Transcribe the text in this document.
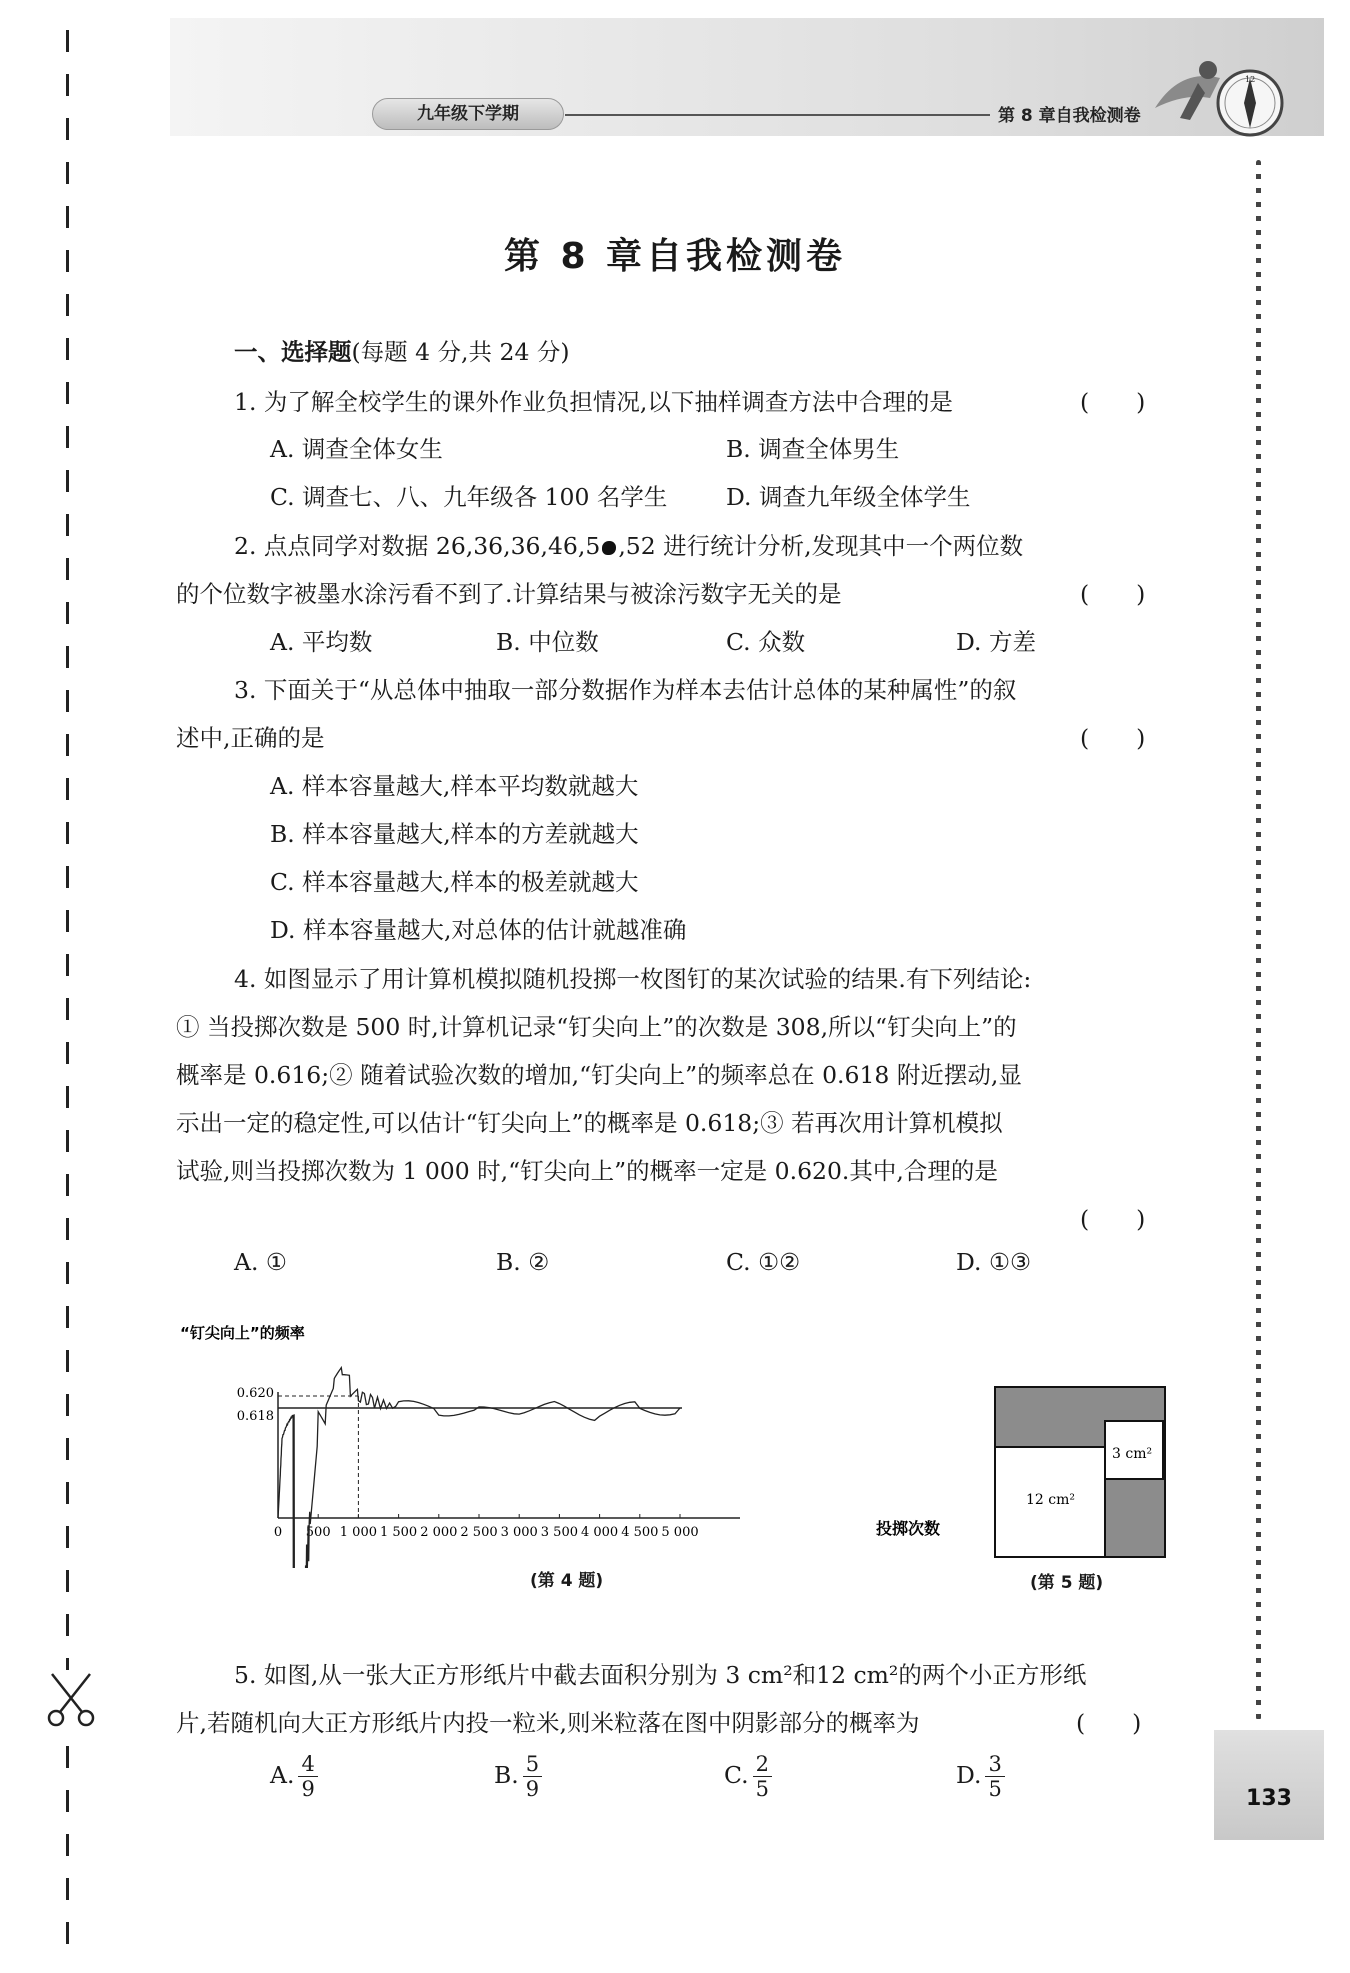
九年级下学期	第 8 章自我检测卷
12
133
第 8 章自我检测卷
一、选择题(每题 4 分,共 24 分)
1. 为了解全校学生的课外作业负担情况,以下抽样调查方法中合理的是	(　　)
A. 调查全体女生	B. 调查全体男生
C. 调查七、八、九年级各 100 名学生 D. 调查九年级全体学生
2. 点点同学对数据 26,36,36,46,5 ,52 进行统计分析,发现其中一个两位数
的个位数字被墨水涂污看不到了.计算结果与被涂污数字无关的是	(　　)
A. 平均数	B. 中位数	C. 众数	D. 方差
3. 下面关于“从总体中抽取一部分数据作为样本去估计总体的某种属性”的叙
述中,正确的是	(　　)
A. 样本容量越大,样本平均数就越大
B. 样本容量越大,样本的方差就越大
C. 样本容量越大,样本的极差就越大
D. 样本容量越大,对总体的估计就越准确
4. 如图显示了用计算机模拟随机投掷一枚图钉的某次试验的结果.有下列结论:
① 当投掷次数是 500 时,计算机记录“钉尖向上”的次数是 308,所以“钉尖向上”的
概率是 0.616;② 随着试验次数的增加,“钉尖向上”的频率总在 0.618 附近摆动,显
示出一定的稳定性,可以估计“钉尖向上”的概率是 0.618;③ 若再次用计算机模拟
试验,则当投掷次数为 1 000 时,“钉尖向上”的概率一定是 0.620.其中,合理的是
(　　)
A. ①	B. ②	C. ①②	D. ①③
“钉尖向上”的频率
0 500 1 000 1 500 2 000 2 500 3 000 3 500 4 000 4 500 5 000
0.620
0.618
投掷次数
(第 4 题)
3 cm²
12 cm²
(第 5 题)
5. 如图,从一张大正方形纸片中截去面积分别为 3 cm²和12 cm²的两个小正方形纸
片,若随机向大正方形纸片内投一粒米,则米粒落在图中阴影部分的概率为	(　　)
A. $\frac{4}{9}$	B. $\frac{5}{9}$	C. $\frac{2}{5}$	D. $\frac{3}{5}$
